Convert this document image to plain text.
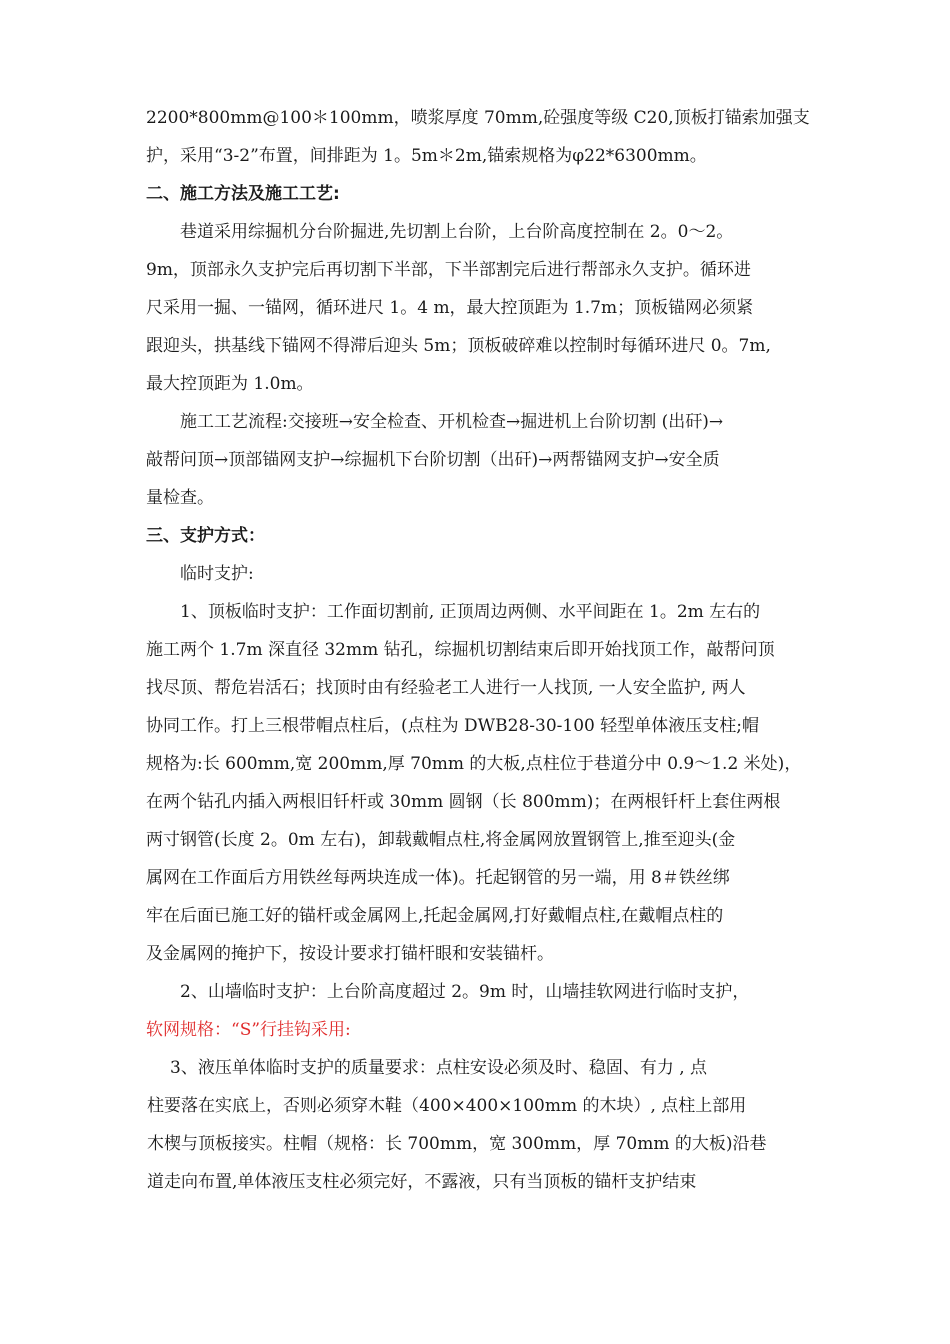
2200*800mm@100＊100mm，喷浆厚度 70mm,砼强度等级 C20,顶板打锚索加强支
护，采用“3-2”布置，间排距为 1。5m＊2m,锚索规格为φ22*6300mm。
二、施工方法及施工工艺:
巷道采用综掘机分台阶掘进,先切割上台阶，上台阶高度控制在 2。0～2。
9m，顶部永久支护完后再切割下半部，下半部割完后进行帮部永久支护。循环进
尺采用一掘、一锚网，循环进尺 1。4 m，最大控顶距为 1.7m；顶板锚网必须紧
跟迎头，拱基线下锚网不得滞后迎头 5m；顶板破碎难以控制时每循环进尺 0。7m,
最大控顶距为 1.0m。
施工工艺流程:交接班→安全检查、开机检查→掘进机上台阶切割 (出矸)→
敲帮问顶→顶部锚网支护→综掘机下台阶切割（出矸)→两帮锚网支护→安全质
量检查。
三、支护方式：
临时支护:
1、顶板临时支护：工作面切割前, 正顶周边两侧、水平间距在 1。2m 左右的
施工两个 1.7m 深直径 32mm 钻孔，综掘机切割结束后即开始找顶工作，敲帮问顶
找尽顶、帮危岩活石；找顶时由有经验老工人进行一人找顶, 一人安全监护, 两人
协同工作。打上三根带帽点柱后，(点柱为 DWB28-30-100 轻型单体液压支柱;帽
规格为:长 600mm,宽 200mm,厚 70mm 的大板,点柱位于巷道分中 0.9～1.2 米处)，
在两个钻孔内插入两根旧钎杆或 30mm 圆钢（长 800mm)；在两根钎杆上套住两根
两寸钢管(长度 2。0m 左右)，卸载戴帽点柱,将金属网放置钢管上,推至迎头(金
属网在工作面后方用铁丝每两块连成一体)。托起钢管的另一端，用 8＃铁丝绑
牢在后面已施工好的锚杆或金属网上,托起金属网,打好戴帽点柱,在戴帽点柱的
及金属网的掩护下，按设计要求打锚杆眼和安装锚杆。
2、山墙临时支护：上台阶高度超过 2。9m 时，山墙挂软网进行临时支护，
软网规格：“S”行挂钩采用:
3、液压单体临时支护的质量要求：点柱安设必须及时、稳固、有力 , 点
柱要落在实底上，否则必须穿木鞋（400×400×100mm 的木块）, 点柱上部用
木楔与顶板接实。柱帽（规格：长 700mm，宽 300mm，厚 70mm 的大板)沿巷
道走向布置,单体液压支柱必须完好，不露液，只有当顶板的锚杆支护结束
